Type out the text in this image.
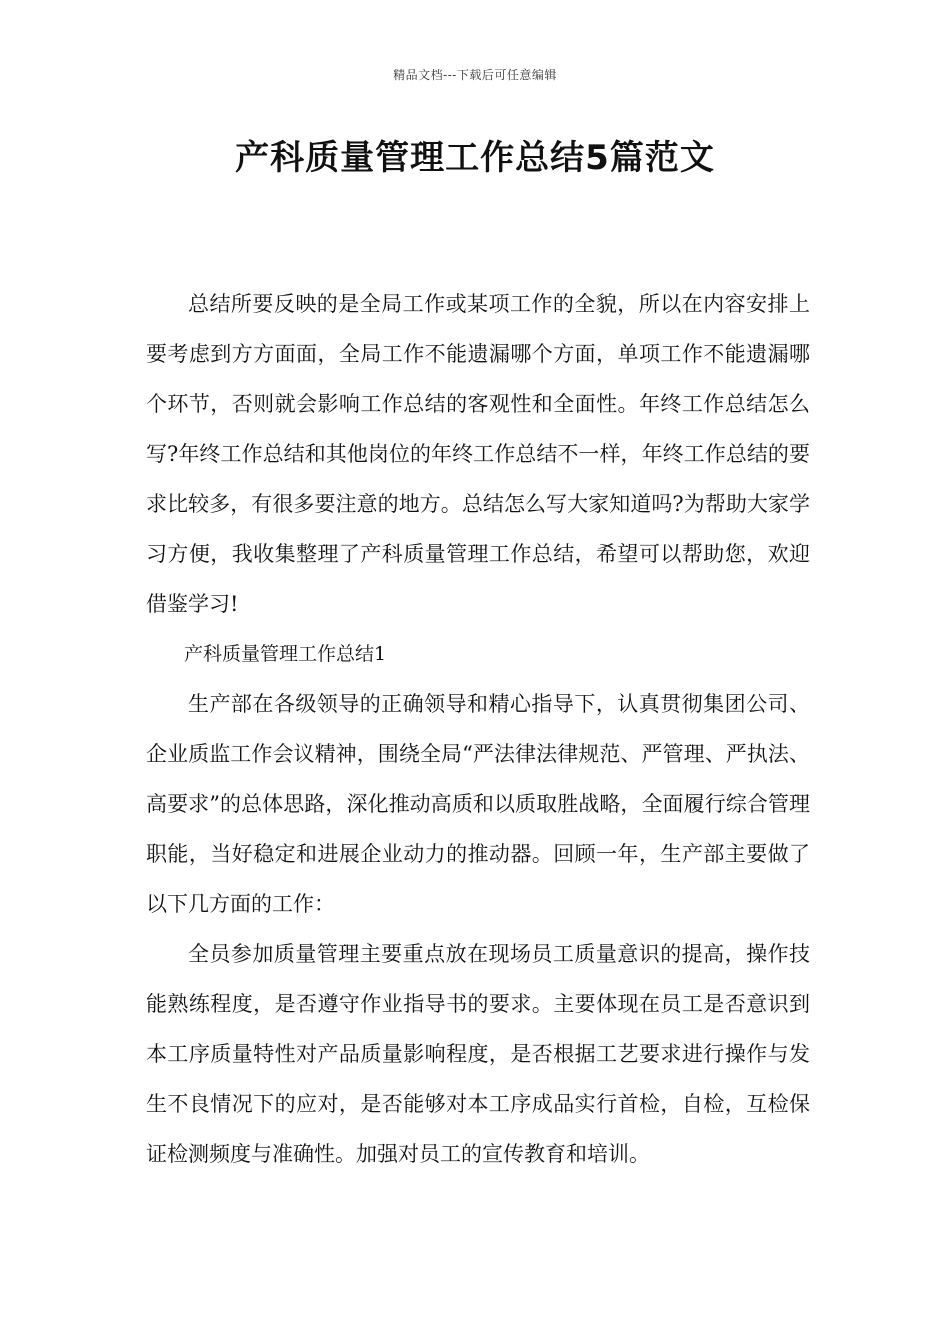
精品文档---下载后可任意编辑
产科质量管理工作总结5篇范文

总结所要反映的是全局工作或某项工作的全貌，所以在内容安排上要考虑到方方面面，全局工作不能遗漏哪个方面，单项工作不能遗漏哪个环节，否则就会影响工作总结的客观性和全面性。年终工作总结怎么写?年终工作总结和其他岗位的年终工作总结不一样，年终工作总结的要求比较多，有很多要注意的地方。总结怎么写大家知道吗?为帮助大家学习方便，我收集整理了产科质量管理工作总结，希望可以帮助您，欢迎借鉴学习!

产科质量管理工作总结1

生产部在各级领导的正确领导和精心指导下，认真贯彻集团公司、企业质监工作会议精神，围绕全局“严法律法律规范、严管理、严执法、高要求”的总体思路，深化推动高质和以质取胜战略，全面履行综合管理职能，当好稳定和进展企业动力的推动器。回顾一年，生产部主要做了以下几方面的工作：

全员参加质量管理主要重点放在现场员工质量意识的提高，操作技能熟练程度，是否遵守作业指导书的要求。主要体现在员工是否意识到本工序质量特性对产品质量影响程度，是否根据工艺要求进行操作与发生不良情况下的应对，是否能够对本工序成品实行首检，自检，互检保证检测频度与准确性。加强对员工的宣传教育和培训。
